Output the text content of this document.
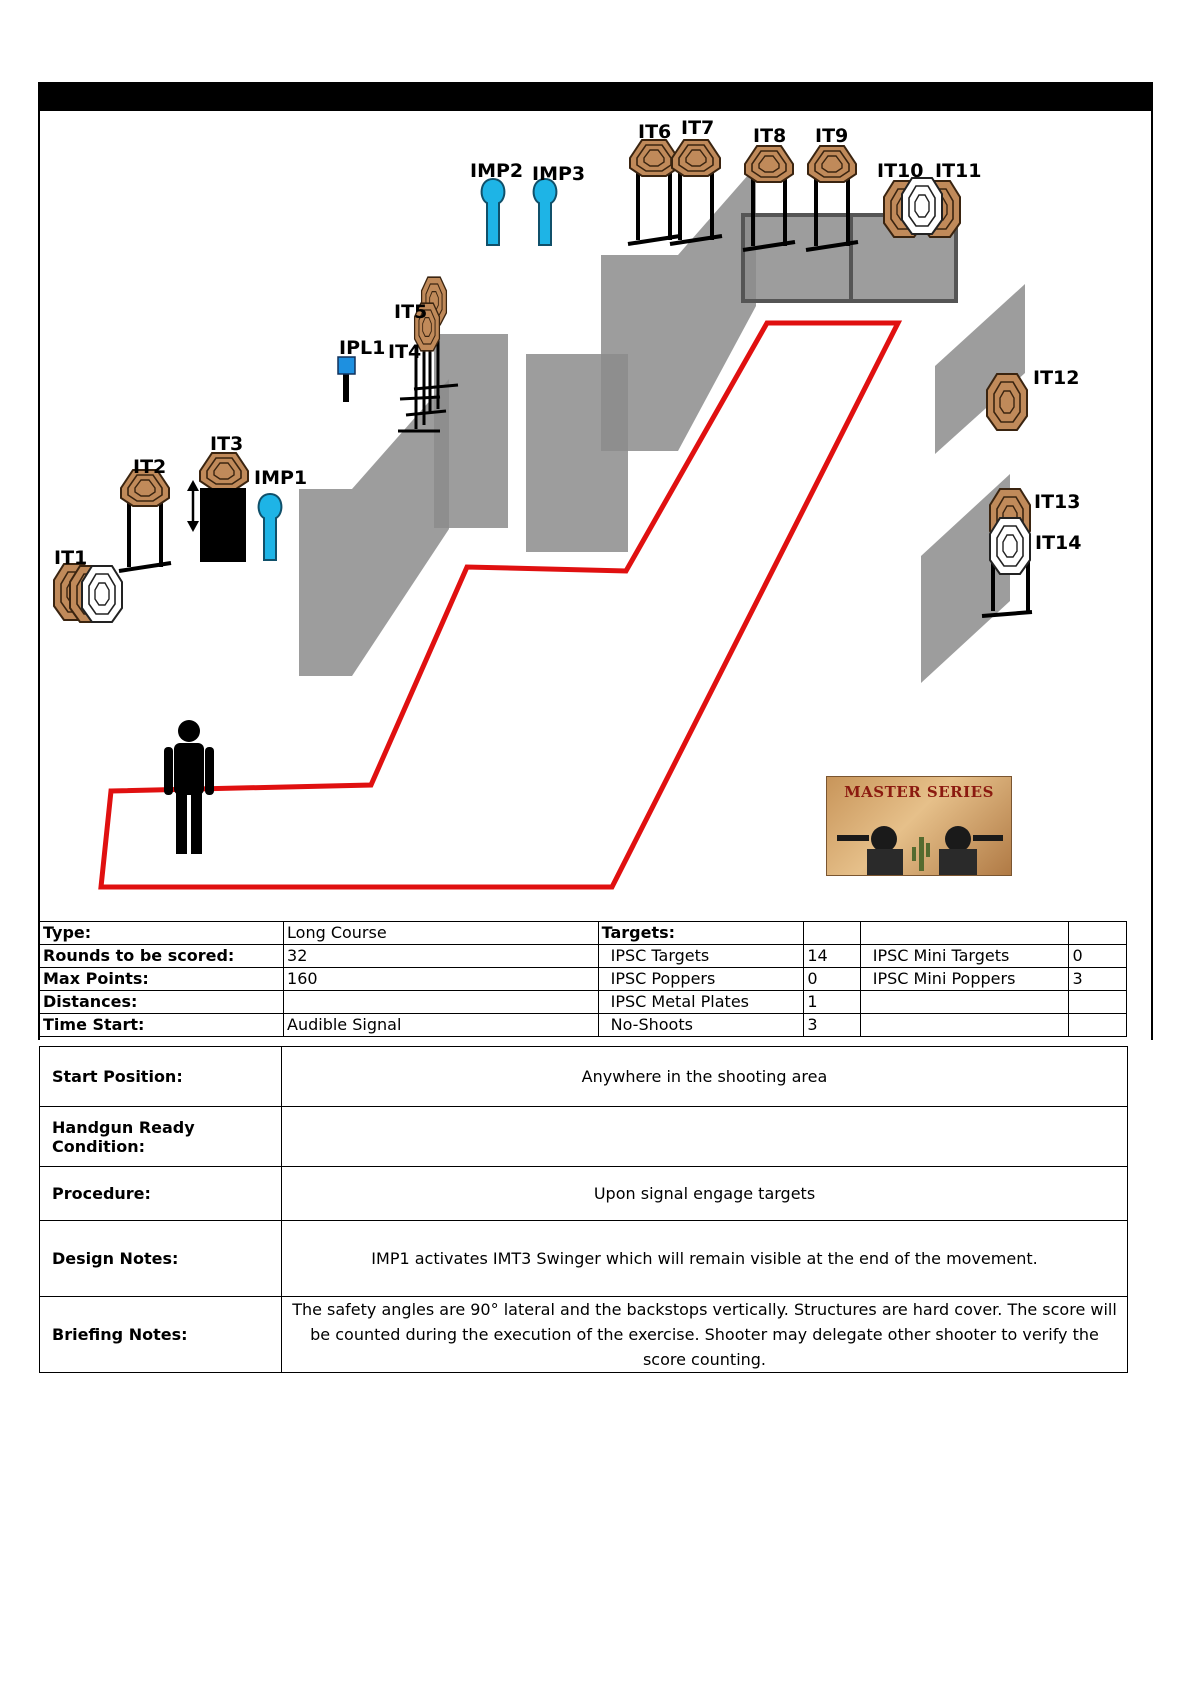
IT1
IT2
IT3
IMP1
IPL1 IT4
IT5
IMP2 IMP3
IT6 IT7 IT8 IT9
IT10 IT11
IT12
IT13
IT14
MASTER SERIES
Type:	Long Course	Targets:			
Rounds to be scored:	32	IPSC Targets	14	IPSC Mini Targets	0
Max Points:	160	IPSC Poppers	0	IPSC Mini Poppers	3
Distances:		IPSC Metal Plates	1		
Time Start:	Audible Signal	No-Shoots	3		
Start Position:	Anywhere in the shooting area
Handgun Ready Condition:	
Procedure:	Upon signal engage targets
Design Notes:	IMP1 activates IMT3 Swinger which will remain visible at the end of the movement.
Briefing Notes:	The safety angles are 90° lateral and the backstops vertically. Structures are hard cover. The score will be counted during the execution of the exercise. Shooter may delegate other shooter to verify the score counting.
